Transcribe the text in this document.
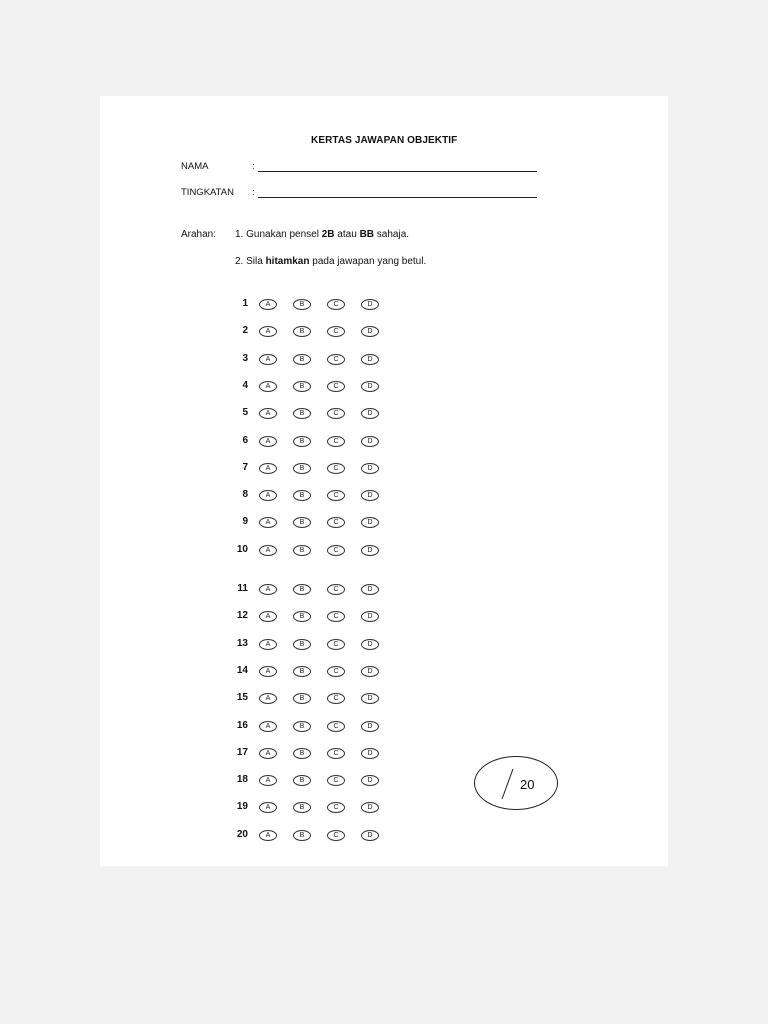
KERTAS JAWAPAN OBJEKTIF
NAMA	:
TINGKATAN :
Arahan: 1. Gunakan pensel 2B atau BB sahaja.
2. Sila hitamkan pada jawapan yang betul.
1	A	B	C	D
2	A	B	C	D
3	A	B	C	D
4	A	B	C	D
5	A	B	C	D
6	A	B	C	D
7	A	B	C	D
8	A	B	C	D
9	A	B	C	D
10	A	B	C	D
11	A	B	C	D
12	A	B	C	D
13	A	B	C	D
14	A	B	C	D
15	A	B	C	D
16	A	B	C	D
17	A	B	C	D
18	A	B	C	D
19	A	B	C	D
20	A	B	C	D
20
